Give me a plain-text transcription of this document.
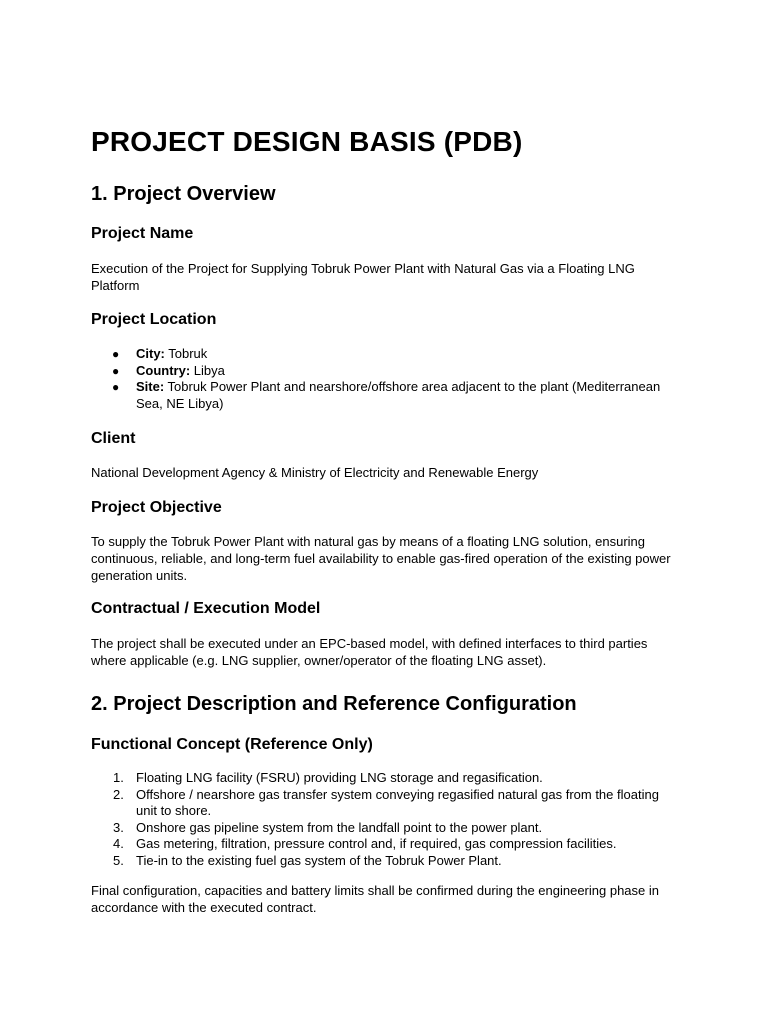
PROJECT DESIGN BASIS (PDB)
1. Project Overview
Project Name

Execution of the Project for Supplying Tobruk Power Plant with Natural Gas via a Floating LNG Platform

Project Location
● City: Tobruk
● Country: Libya
● Site: Tobruk Power Plant and nearshore/offshore area adjacent to the plant (Mediterranean Sea, NE Libya)
Client

National Development Agency & Ministry of Electricity and Renewable Energy

Project Objective

To supply the Tobruk Power Plant with natural gas by means of a floating LNG solution, ensuring continuous, reliable, and long-term fuel availability to enable gas-fired operation of the existing power generation units.

Contractual / Execution Model

The project shall be executed under an EPC-based model, with defined interfaces to third parties where applicable (e.g. LNG supplier, owner/operator of the floating LNG asset).

2. Project Description and Reference Configuration
Functional Concept (Reference Only)
1. Floating LNG facility (FSRU) providing LNG storage and regasification.
2. Offshore / nearshore gas transfer system conveying regasified natural gas from the floating unit to shore.
3. Onshore gas pipeline system from the landfall point to the power plant.
4. Gas metering, filtration, pressure control and, if required, gas compression facilities.
5. Tie-in to the existing fuel gas system of the Tobruk Power Plant.

Final configuration, capacities and battery limits shall be confirmed during the engineering phase in accordance with the executed contract.
